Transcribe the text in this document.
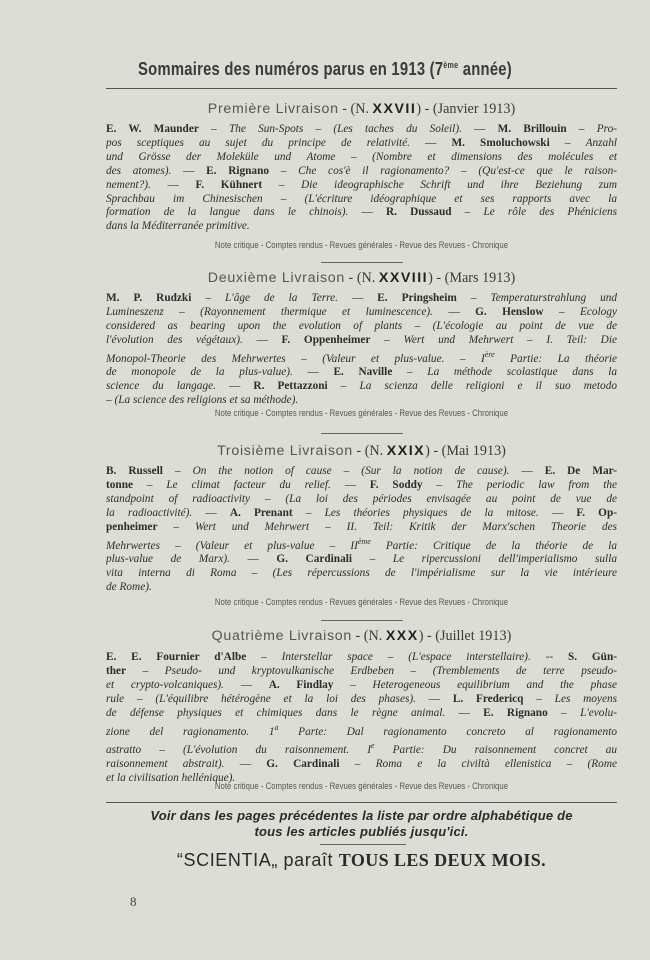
Sommaires des numéros parus en 1913 (7ème année)
Première Livraison - (N. XXVII) - (Janvier 1913)
E. W. Maunder – The Sun-Spots – (Les taches du Soleil). — M. Brillouin – Pro-
pos sceptiques au sujet du principe de relativité. — M. Smoluchowski – Anzahl
und Grösse der Moleküle und Atome – (Nombre et dimensions des molécules et
des atomes). — E. Rignano – Che cos'è il ragionamento? – (Qu'est-ce que le raison-
nement?). — F. Kühnert – Die ideographische Schrift und ihre Beziehung zum
Sprachbau im Chinesischen – (L'écriture idéographique et ses rapports avec la
formation de la langue dans le chinois). — R. Dussaud – Le rôle des Phéniciens
dans la Méditerranée primitive.
Note critique - Comptes rendus - Revues générales - Revue des Revues - Chronique
Deuxième Livraison - (N. XXVIII) - (Mars 1913)
M. P. Rudzki – L'âge de la Terre. — E. Pringsheim – Temperaturstrahlung und
Lumineszenz – (Rayonnement thermique et luminescence). — G. Henslow – Ecology
considered as bearing upon the evolution of plants – (L'écologie au point de vue de
l'évolution des végétaux). — F. Oppenheimer – Wert und Mehrwert – I. Teil: Die
Monopol-Theorie des Mehrwertes – (Valeur et plus-value. – Ière Partie: La théorie
de monopole de la plus-value). — E. Naville – La méthode scolastique dans la
science du langage. — R. Pettazzoni – La scienza delle religioni e il suo metodo
– (La science des religions et sa méthode).
Note critique - Comptes rendus - Revues générales - Revue des Revues - Chronique
Troisième Livraison - (N. XXIX) - (Mai 1913)
B. Russell – On the notion of cause – (Sur la notion de cause). — E. De Mar-
tonne – Le climat facteur du relief. — F. Soddy – The periodic law from the
standpoint of radioactivity – (La loi des périodes envisagée au point de vue de
la radioactivité). — A. Prenant – Les théories physiques de la mitose. — F. Op-
penheimer – Wert und Mehrwert – II. Teil: Kritik der Marx'schen Theorie des
Mehrwertes – (Valeur et plus-value – IIème Partie: Critique de la théorie de la
plus-value de Marx). — G. Cardinali – Le ripercussioni dell'imperialismo sulla
vita interna di Roma – (Les répercussions de l'impérialisme sur la vie intérieure
de Rome).
Note critique - Comptes rendus - Revues générales - Revue des Revues - Chronique
Quatrième Livraison - (N. XXX) - (Juillet 1913)
E. E. Fournier d'Albe – Interstellar space – (L'espace interstellaire). -- S. Gün-
ther – Pseudo- und kryptovulkanische Erdbeben – (Tremblements de terre pseudo-
et crypto-volcaniques). — A. Findlay – Heterogeneous equilibrium and the phase
rule – (L'équilibre hétérogène et la loi des phases). — L. Fredericq – Les moyens
de défense physiques et chimiques dans le règne animal. — E. Rignano – L'evolu-
zione del ragionamento. 1$^a$ Parte: Dal ragionamento concreto al ragionamento
astratto – (L'évolution du raisonnement. Ie Partie: Du raisonnement concret au
raisonnement abstrait). — G. Cardinali – Roma e la civiltà ellenistica – (Rome
et la civilisation hellénique).
Note critique - Comptes rendus - Revues générales - Revue des Revues - Chronique
Voir dans les pages précédentes la liste par ordre alphabétique de
tous les articles publiés jusqu'ici.
“SCIENTIA„ paraît TOUS LES DEUX MOIS.
8
